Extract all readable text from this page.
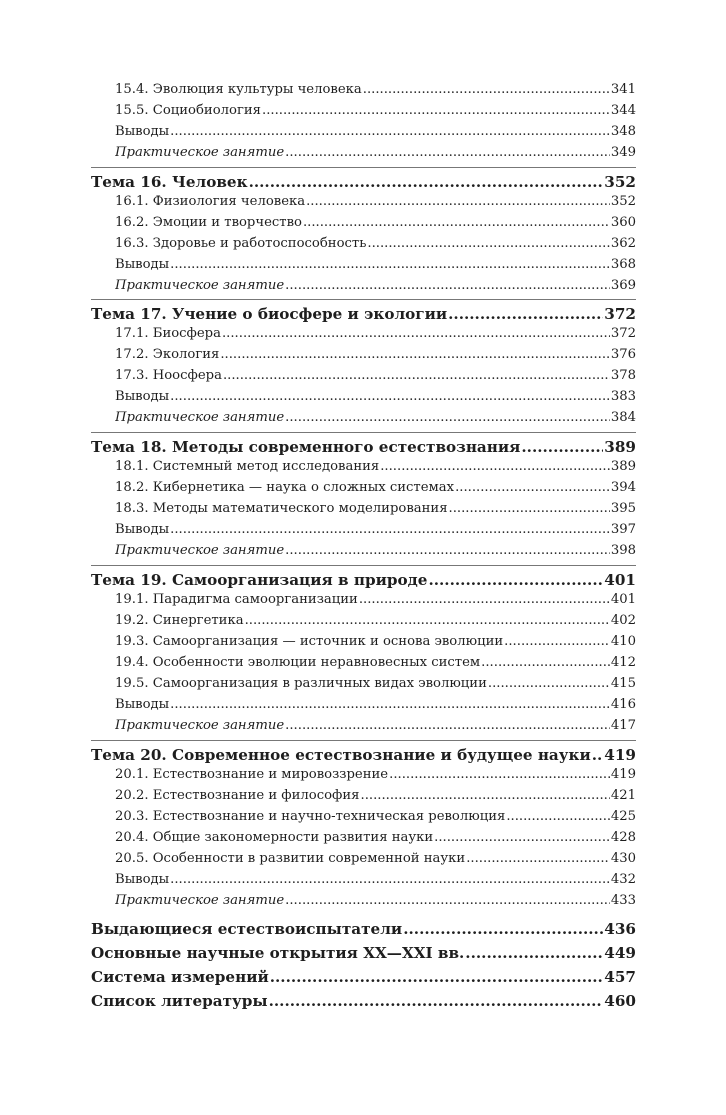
15.4. Эволюция культуры человека .....	341
15.5. Социобиология .....	344
Выводы .....	348
Практическое занятие .....	349
Тема 16. Человек .....	352
16.1. Физиология человека .....	352
16.2. Эмоции и творчество .....	360
16.3. Здоровье и работоспособность .....	362
Выводы .....	368
Практическое занятие .....	369
Тема 17. Учение о биосфере и экологии .....	372
17.1. Биосфера .....	372
17.2. Экология .....	376
17.3. Ноосфера .....	378
Выводы .....	383
Практическое занятие .....	384
Тема 18. Методы современного естествознания .....	389
18.1. Системный метод исследования .....	389
18.2. Кибернетика — наука о сложных системах .....	394
18.3. Методы математического моделирования .....	395
Выводы .....	397
Практическое занятие .....	398
Тема 19. Самоорганизация в природе .....	401
19.1. Парадигма самоорганизации .....	401
19.2. Синергетика .....	402
19.3. Самоорганизация — источник и основа эволюции .....	410
19.4. Особенности эволюции неравновесных систем .....	412
19.5. Самоорганизация в различных видах эволюции .....	415
Выводы .....	416
Практическое занятие .....	417
Тема 20. Современное естествознание и будущее науки ..... 419
20.1. Естествознание и мировоззрение .....	419
20.2. Естествознание и философия .....	421
20.3. Естествознание и научно-техническая революция .....	425
20.4. Общие закономерности развития науки .....	428
20.5. Особенности в развитии современной науки .....	430
Выводы .....	432
Практическое занятие .....	433
Выдающиеся естествоиспытатели .....	436
Основные научные открытия XX—XXI вв. .....	449
Система измерений .....	457
Список литературы .....	460
